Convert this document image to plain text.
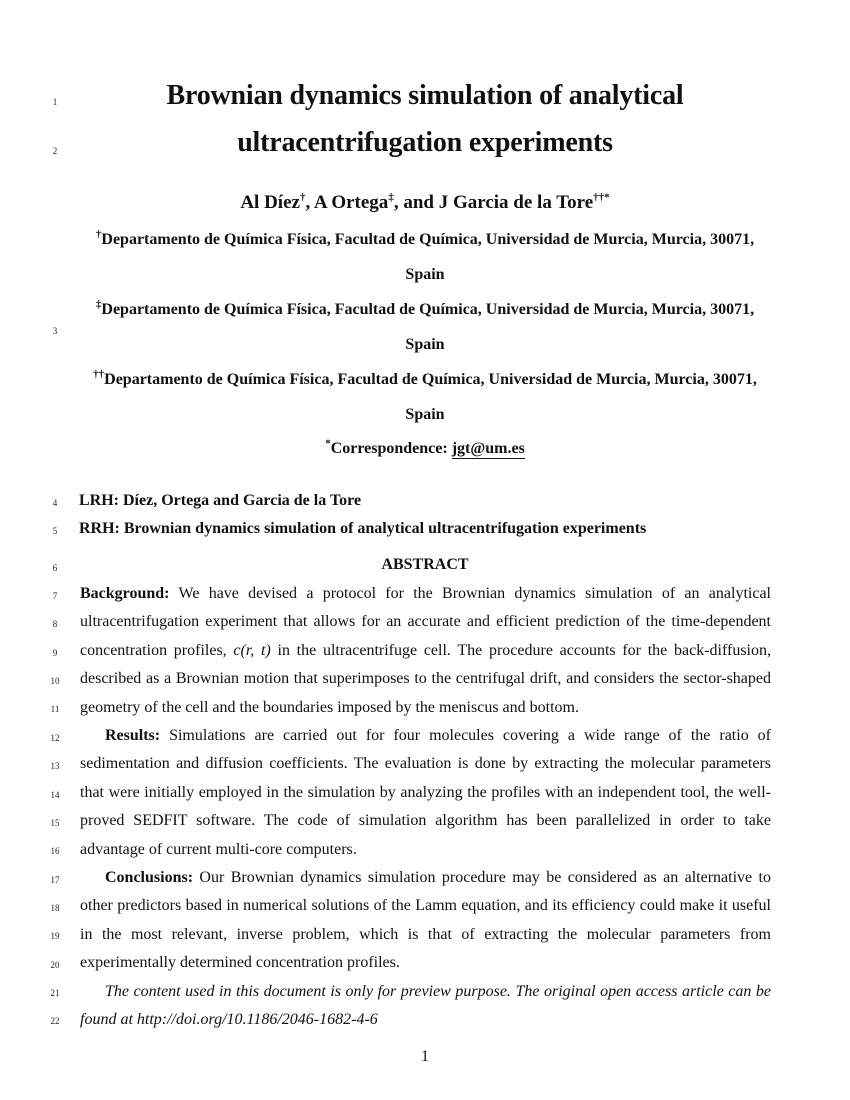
1
2
3
4
5
6
7
8
9
10
11
12
13
14
15
16
17
18
19
20
21
22
Brownian dynamics simulation of analytical
ultracentrifugation experiments
Al Díez†, A Ortega‡, and J Garcia de la Tore††*
†Departamento de Química Física, Facultad de Química, Universidad de Murcia, Murcia, 30071,
Spain
‡Departamento de Química Física, Facultad de Química, Universidad de Murcia, Murcia, 30071,
Spain
††Departamento de Química Física, Facultad de Química, Universidad de Murcia, Murcia, 30071,
Spain
*Correspondence: jgt@um.es
LRH: Díez, Ortega and Garcia de la Tore
RRH: Brownian dynamics simulation of analytical ultracentrifugation experiments
ABSTRACT

Background: We have devised a protocol for the Brownian dynamics simulation of an analytical ultracentrifugation experiment that allows for an accurate and efficient prediction of the time-dependent concentration profiles, c(r, t) in the ultracentrifuge cell. The procedure accounts for the back-diffusion, described as a Brownian motion that superimposes to the centrifugal drift, and considers the sector-shaped geometry of the cell and the boundaries imposed by the meniscus and bottom.

Results: Simulations are carried out for four molecules covering a wide range of the ratio of sedimentation and diffusion coefficients. The evaluation is done by extracting the molecular parameters that were initially employed in the simulation by analyzing the profiles with an independent tool, the well-proved SEDFIT software. The code of simulation algorithm has been parallelized in order to take advantage of current multi-core computers.

Conclusions: Our Brownian dynamics simulation procedure may be considered as an alternative to other predictors based in numerical solutions of the Lamm equation, and its efficiency could make it useful in the most relevant, inverse problem, which is that of extracting the molecular parameters from experimentally determined concentration profiles.

The content used in this document is only for preview purpose. The original open access article can be found at http://doi.org/10.1186/2046-1682-4-6

1
